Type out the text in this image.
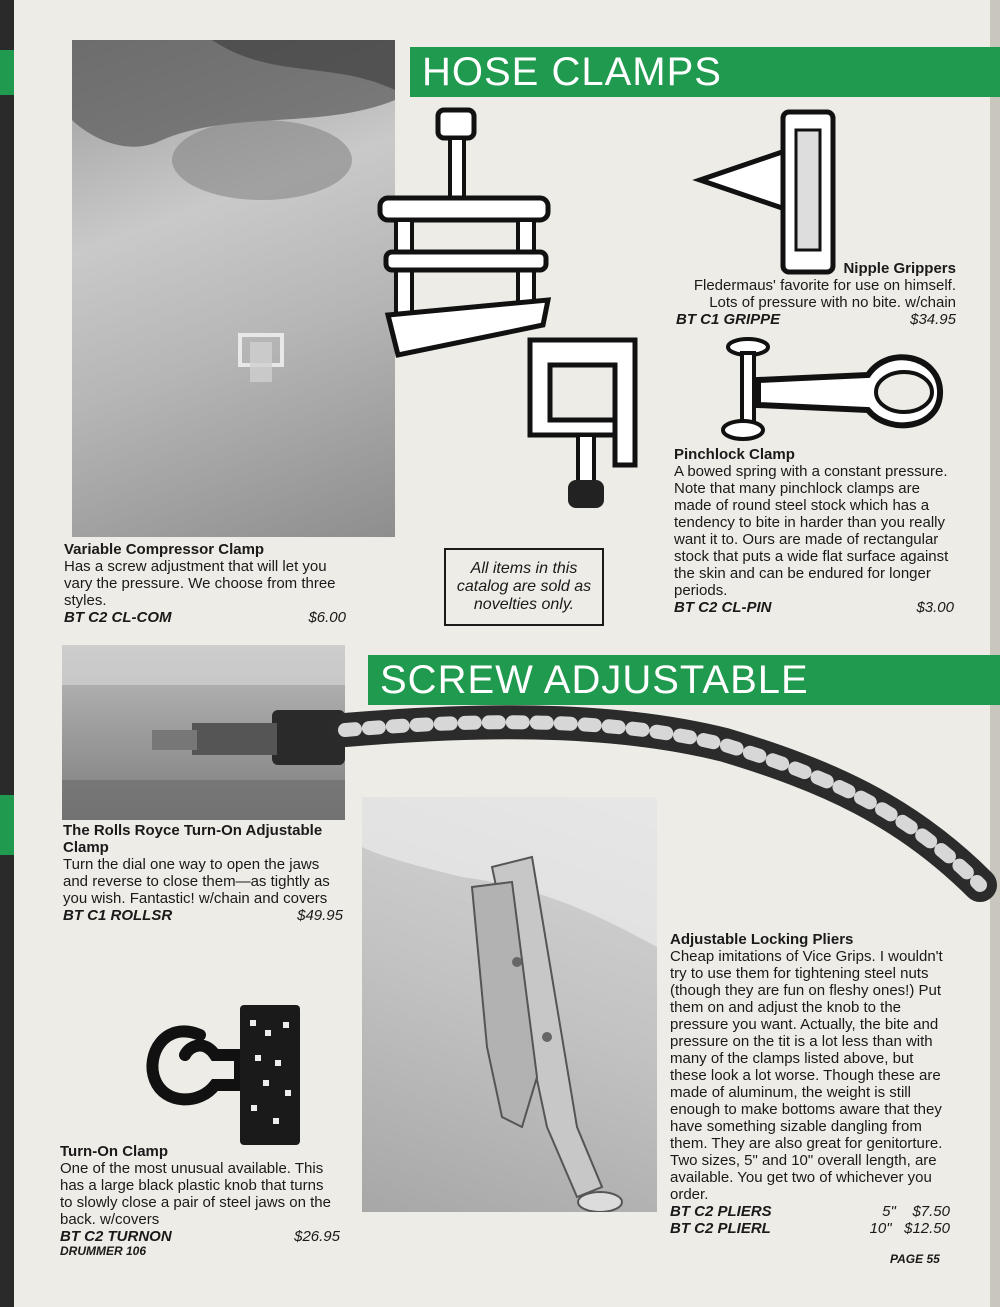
HOSE CLAMPS
SCREW ADJUSTABLE
Variable Compressor Clamp
Has a screw adjustment that will let you vary the pressure. We choose from three styles.
BT C2 CL-COM	$6.00
Nipple Grippers
Fledermaus' favorite for use on himself. Lots of pressure with no bite. w/chain
BT C1 GRIPPE	$34.95
Pinchlock Clamp
A bowed spring with a constant pressure. Note that many pinchlock clamps are made of round steel stock which has a tendency to bite in harder than you really want it to. Ours are made of rectangular stock that puts a wide flat surface against the skin and can be endured for longer periods.
BT C2 CL-PIN	$3.00
The Rolls Royce Turn-On Adjustable Clamp
Turn the dial one way to open the jaws and reverse to close them—as tightly as you wish. Fantastic! w/chain and covers
BT C1 ROLLSR	$49.95
Turn-On Clamp
One of the most unusual available. This has a large black plastic knob that turns to slowly close a pair of steel jaws on the back. w/covers
BT C2 TURNON	$26.95
Adjustable Locking Pliers
Cheap imitations of Vice Grips. I wouldn't try to use them for tightening steel nuts (though they are fun on fleshy ones!) Put them on and adjust the knob to the pressure you want. Actually, the bite and pressure on the tit is a lot less than with many of the clamps listed above, but these look a lot worse. Though these are made of aluminum, the weight is still enough to make bottoms aware that they have something sizable dangling from them. They are also great for genitorture. Two sizes, 5" and 10" overall length, are available. You get two of whichever you order.
BT C2 PLIERS	5" $7.50
BT C2 PLIERL	10" $12.50
All items in this catalog are sold as novelties only.
DRUMMER 106
PAGE 55
